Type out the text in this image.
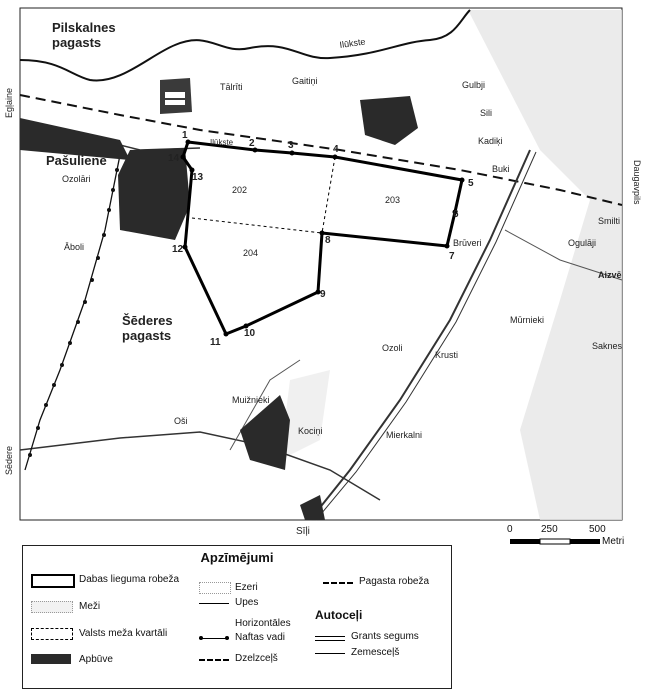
1
2	3	4
5
6
7
8
9
10
11
12
13
14
202
203
204
Pilskalnes
pagasts
Pašuliene
Šēderes
pagasts
Ilūkste
Ilūkste
Egļaine
Sēdere
Daugavpils
Sīļi
Tālrīti
Gaitiņi	Gulbji
Sili
Kadiķi
Buki
Ozolāri
Āboli
Smilti
Ogulāji
Aizvē
Mūrnieki
Saknes
Ozoli
Krusti
Muižnieki
Oši
Kociņi	Mierkalni
Brūveri
0	250	500
Metri
Apzīmējumi
Dabas lieguma robeža
Meži
Valsts meža kvartāli
Apbūve
Ezeri
Upes
Horizontāles
Naftas vadi
Dzelzceļš
Pagasta robeža
Autoceļi
Grants segums
Zemesceļš
